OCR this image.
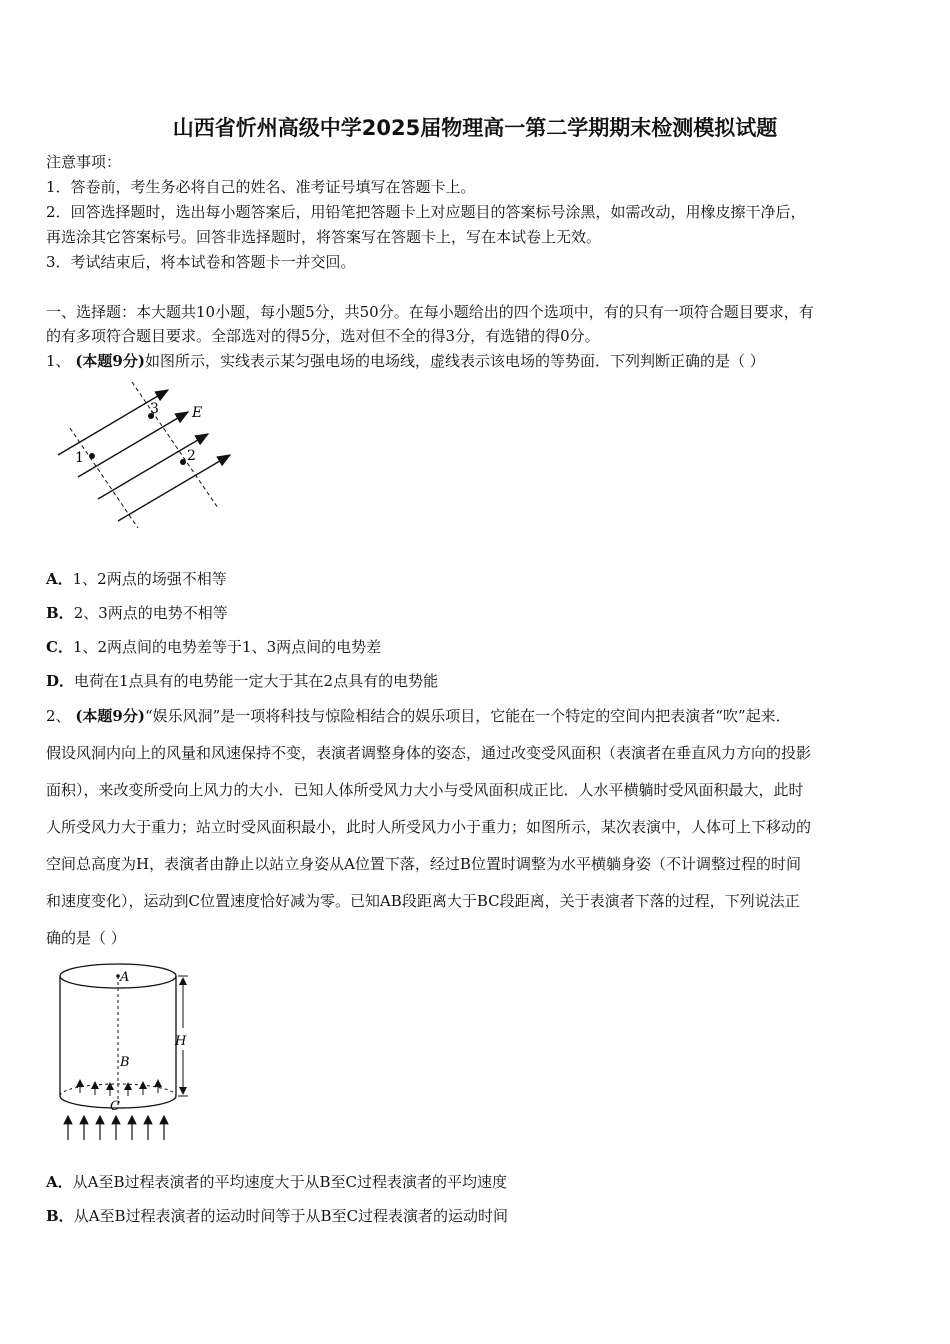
山西省忻州高级中学2025届物理高一第二学期期末检测模拟试题
注意事项：
1．答卷前，考生务必将自己的姓名、准考证号填写在答题卡上。
2．回答选择题时，选出每小题答案后，用铅笔把答题卡上对应题目的答案标号涂黑，如需改动，用橡皮擦干净后，
再选涂其它答案标号。回答非选择题时，将答案写在答题卡上，写在本试卷上无效。
3．考试结束后，将本试卷和答题卡一并交回。
一、选择题：本大题共10小题，每小题5分，共50分。在每小题给出的四个选项中，有的只有一项符合题目要求，有
的有多项符合题目要求。全部选对的得5分，选对但不全的得3分，有选错的得0分。
1、 (本题9分)如图所示，实线表示某匀强电场的电场线，虚线表示该电场的等势面．下列判断正确的是（ ）
1	2
3 E
A．1、2两点的场强不相等
B．2、3两点的电势不相等
C．1、2两点间的电势差等于1、3两点间的电势差
D．电荷在1点具有的电势能一定大于其在2点具有的电势能
2、 (本题9分)“娱乐风洞”是一项将科技与惊险相结合的娱乐项目，它能在一个特定的空间内把表演者“吹”起来．
假设风洞内向上的风量和风速保持不变，表演者调整身体的姿态，通过改变受风面积（表演者在垂直风力方向的投影
面积），来改变所受向上风力的大小．已知人体所受风力大小与受风面积成正比．人水平横躺时受风面积最大，此时
人所受风力大于重力；站立时受风面积最小，此时人所受风力小于重力；如图所示，某次表演中，人体可上下移动的
空间总高度为H，表演者由静止以站立身姿从A位置下落，经过B位置时调整为水平横躺身姿（不计调整过程的时间
和速度变化），运动到C位置速度恰好减为零。已知AB段距离大于BC段距离，关于表演者下落的过程，下列说法正
确的是（ ）
A
B
C
H
A．从A至B过程表演者的平均速度大于从B至C过程表演者的平均速度
B．从A至B过程表演者的运动时间等于从B至C过程表演者的运动时间
